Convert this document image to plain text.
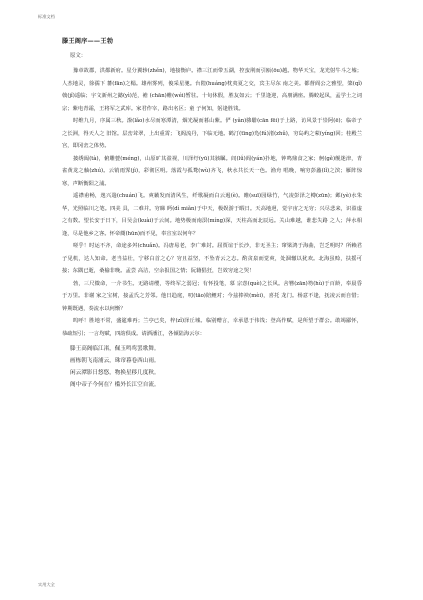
标准文档
滕王阁序——王勃
原文：

豫章故郡，洪都新府。星分翼轸(zhěn)，地接衡庐。襟三江而带五湖，控蛮荆而引瓯(ōu)越。物华天宝，龙光射牛斗之墟；人杰地灵，徐孺下 蕃(fān)之榻。雄州雾列，俊采星驰。台隍(huáng)枕夷夏之交，宾主尽东 南之美。都督阎公之雅望，棨(qǐ)戟(jǐ)遥临；宇文新州之懿(yì)范，襜 (chān)帷(wéi)暂驻。十旬休假，胜友如云；千里逢迎，高朋满座。腾蛟起凤，孟学士之词宗；紫电青霜，王将军之武库。家君作宰，路出名区；童 子何知，躬逢胜饯。

时维九月，序属三秋。潦(lǎo)水尽而寒潭清，烟光凝而暮山紫。俨 (yǎn)骖騑(cān fēi)于上路，访风景于崇阿(ē)；临帝子之长洲，得天人之 旧馆。层峦耸翠，上出重霄；飞阁流丹，下临无地。鹤汀(tīng)凫(fú)渚(zhǔ)，穷岛屿之萦(yíng)回；桂殿兰宫，即冈峦之体势。

披绣闼(tà)，俯雕甍(méng)，山原旷其盈视，川泽纡(yū)其骇瞩。闾(lǘ)阎(yán)扑地，钟鸣鼎食之家；舸(gě)舰迷津，青雀黄龙之舳(zhú)。云销雨霁(jì)，彩彻区明。落霞与孤鹜(wù)齐飞，秋水共长天一色。渔舟 唱晚，响穷彭蠡(lǐ)之滨；雁阵惊寒，声断衡阳之浦。

遥襟甫畅，逸兴遄(chuán)飞。爽籁发而清风生，纤歌凝而白云遏(è)。睢(suī)园绿竹，气凌彭泽之樽(zūn)；邺(yè)水朱华，光照临川之笔。四美 具，二难并。穷睇 眄(dì miǎn)于中天，极娱游于暇日。天高地迥，觉宇宙之无穷；兴尽悲来，识盈虚之有数。望长安于日下，目吴会(kuài)于云间。地势极而南溟(míng)深，天柱高而北辰远。关山难越，谁悲失路 之人；萍水相逢，尽是他乡之客。怀帝阍(hūn)而不见，奉宣室以何年？

嗟乎！时运不齐，命途多舛(chuǎn)。冯唐易老，李广难封。屈贾谊于长沙，非无圣主；窜梁鸿于海曲，岂乏明时？所赖君子见机，达人知命。老当益壮，宁移白首之心？穷且益坚，不坠青云之志。酌贪泉而觉爽，处涸辙以犹欢。北海虽赊，扶摇可接；东隅已逝，桑榆非晚。孟尝 高洁，空余报国之情；阮籍猖狂，岂效穷途之哭！

勃，三尺微命，一介书生。无路请缨，等终军之弱冠；有怀投笔，慕 宗悫(què)之长风。舍簪(zān)笏(hù)于百龄，奉晨昏于万里。非谢 家之宝树，接孟氏之芳邻。他日趋庭，叨(tāo)陪鲤对；今兹捧袂(mèi)，喜托 龙门。杨意不逢，抚凌云而自惜；钟期既遇，奏流水以何惭？

呜呼！胜地不常，盛筵难再；兰亭已矣，梓(zǐ)泽丘墟。临别赠言，幸承恩于伟饯；登高作赋，是所望于群公。敢竭鄙怀，恭疏短引；一言均赋，四韵俱成。请洒潘江，各倾陆海云尔：

滕王高阁临江渚，佩玉鸣鸾罢歌舞。
画栋朝飞南浦云，珠帘暮卷西山雨。
闲云潭影日悠悠，物换星移几度秋。
阁中帝子今何在？槛外长江空自流。
实用大全
